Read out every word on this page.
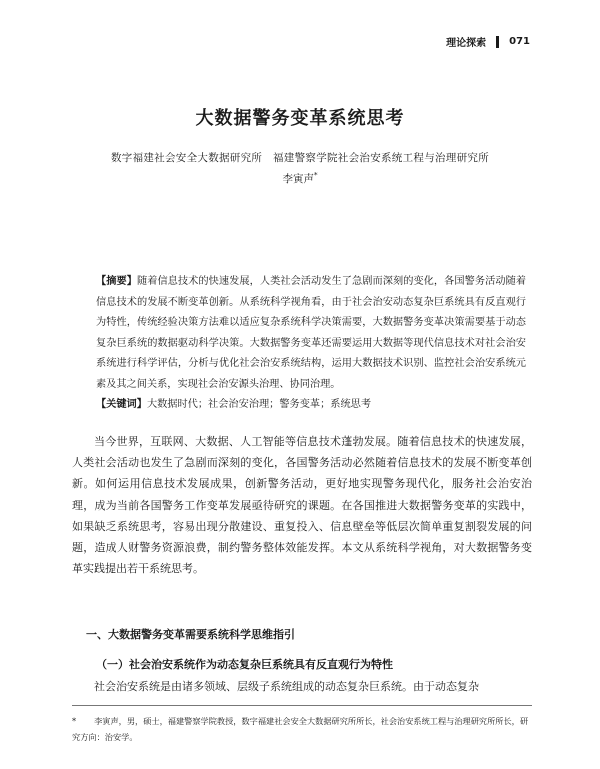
理论探索 071
大数据警务变革系统思考
数字福建社会安全大数据研究所　福建警察学院社会治安系统工程与治理研究所
李寅声*

【摘要】随着信息技术的快速发展，人类社会活动发生了急剧而深刻的变化，各国警务活动随着信息技术的发展不断变革创新。从系统科学视角看，由于社会治安动态复杂巨系统具有反直观行为特性，传统经验决策方法难以适应复杂系统科学决策需要，大数据警务变革决策需要基于动态复杂巨系统的数据驱动科学决策。大数据警务变革还需要运用大数据等现代信息技术对社会治安系统进行科学评估，分析与优化社会治安系统结构，运用大数据技术识别、监控社会治安系统元素及其之间关系，实现社会治安源头治理、协同治理。

【关键词】大数据时代；社会治安治理；警务变革；系统思考

当今世界，互联网、大数据、人工智能等信息技术蓬勃发展。随着信息技术的快速发展，人类社会活动也发生了急剧而深刻的变化，各国警务活动必然随着信息技术的发展不断变革创新。如何运用信息技术发展成果，创新警务活动，更好地实现警务现代化，服务社会治安治理，成为当前各国警务工作变革发展亟待研究的课题。在各国推进大数据警务变革的实践中，如果缺乏系统思考，容易出现分散建设、重复投入、信息壁垒等低层次简单重复割裂发展的问题，造成人财警务资源浪费，制约警务整体效能发挥。本文从系统科学视角，对大数据警务变革实践提出若干系统思考。

一、大数据警务变革需要系统科学思维指引
（一）社会治安系统作为动态复杂巨系统具有反直观行为特性

社会治安系统是由诸多领域、层级子系统组成的动态复杂巨系统。由于动态复杂

* 李寅声，男，硕士，福建警察学院教授，数字福建社会安全大数据研究所所长，社会治安系统工程与治理研究所所长，研究方向：治安学。
